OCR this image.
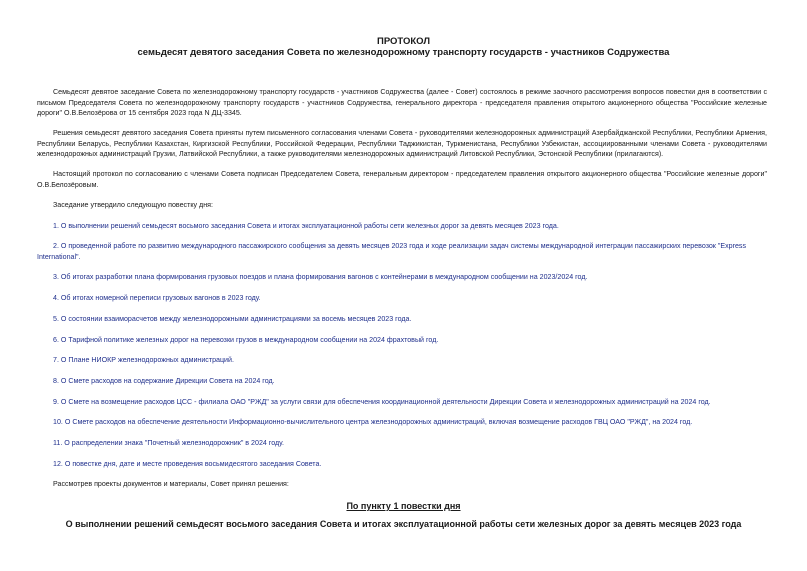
ПРОТОКОЛ
семьдесят девятого заседания Совета по железнодорожному транспорту государств - участников Содружества
Семьдесят девятое заседание Совета по железнодорожному транспорту государств - участников Содружества (далее - Совет) состоялось в режиме заочного рассмотрения вопросов повестки дня в соответствии с письмом Председателя Совета по железнодорожному транспорту государств - участников Содружества, генерального директора - председателя правления открытого акционерного общества "Российские железные дороги" О.В.Белозёрова от 15 сентября 2023 года N ДЦ-3345.
Решения семьдесят девятого заседания Совета приняты путем письменного согласования членами Совета - руководителями железнодорожных администраций Азербайджанской Республики, Республики Армения, Республики Беларусь, Республики Казахстан, Киргизской Республики, Российской Федерации, Республики Таджикистан, Туркменистана, Республики Узбекистан, ассоциированными членами Совета - руководителями железнодорожных администраций Грузии, Латвийской Республики, а также руководителями железнодорожных администраций Литовской Республики, Эстонской Республики (прилагаются).
Настоящий протокол по согласованию с членами Совета подписан Председателем Совета, генеральным директором - председателем правления открытого акционерного общества "Российские железные дороги" О.В.Белозёровым.
Заседание утвердило следующую повестку дня:
1. О выполнении решений семьдесят восьмого заседания Совета и итогах эксплуатационной работы сети железных дорог за девять месяцев 2023 года.
2. О проведенной работе по развитию международного пассажирского сообщения за девять месяцев 2023 года и ходе реализации задач системы международной интеграции пассажирских перевозок "Express International".
3. Об итогах разработки плана формирования грузовых поездов и плана формирования вагонов с контейнерами в международном сообщении на 2023/2024 год.
4. Об итогах номерной переписи грузовых вагонов в 2023 году.
5. О состоянии взаиморасчетов между железнодорожными администрациями за восемь месяцев 2023 года.
6. О Тарифной политике железных дорог на перевозки грузов в международном сообщении на 2024 фрахтовый год.
7. О Плане НИОКР железнодорожных администраций.
8. О Смете расходов на содержание Дирекции Совета на 2024 год.
9. О Смете на возмещение расходов ЦСС - филиала ОАО "РЖД" за услуги связи для обеспечения координационной деятельности Дирекции Совета и железнодорожных администраций на 2024 год.
10. О Смете расходов на обеспечение деятельности Информационно-вычислительного центра железнодорожных администраций, включая возмещение расходов ГВЦ ОАО "РЖД", на 2024 год.
11. О распределении знака "Почетный железнодорожник" в 2024 году.
12. О повестке дня, дате и месте проведения восьмидесятого заседания Совета.
Рассмотрев проекты документов и материалы, Совет принял решения:
По пункту 1 повестки дня
О выполнении решений семьдесят восьмого заседания Совета и итогах эксплуатационной работы сети железных дорог за девять месяцев 2023 года
